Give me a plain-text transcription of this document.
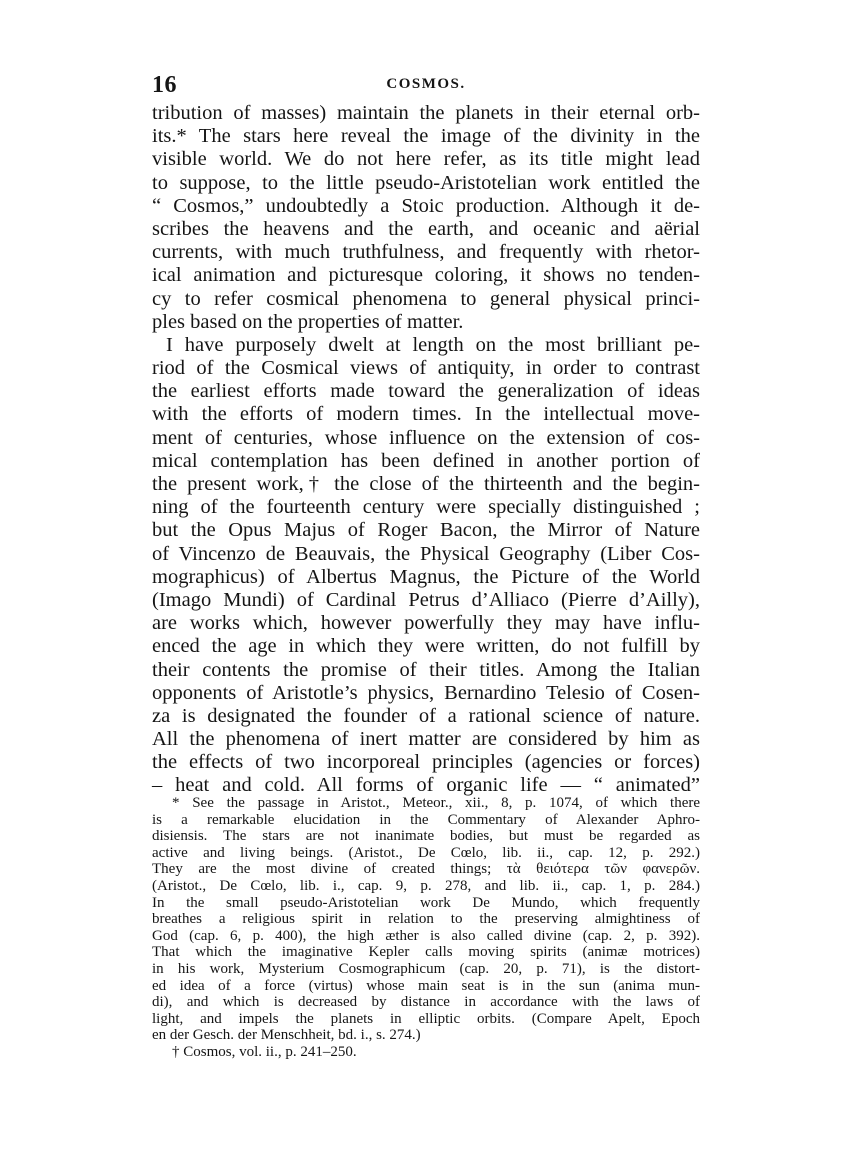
16	COSMOS.
tribution of masses) maintain the planets in their eternal orb-
its.* The stars here reveal the image of the divinity in the
visible world. We do not here refer, as its title might lead
to suppose, to the little pseudo-Aristotelian work entitled the
“ Cosmos,” undoubtedly a Stoic production. Although it de-
scribes the heavens and the earth, and oceanic and aërial
currents, with much truthfulness, and frequently with rhetor-
ical animation and picturesque coloring, it shows no tenden-
cy to refer cosmical phenomena to general physical princi-
ples based on the properties of matter.
I have purposely dwelt at length on the most brilliant pe-
riod of the Cosmical views of antiquity, in order to contrast
the earliest efforts made toward the generalization of ideas
with the efforts of modern times. In the intellectual move-
ment of centuries, whose influence on the extension of cos-
mical contemplation has been defined in another portion of
the present work,† the close of the thirteenth and the begin-
ning of the fourteenth century were specially distinguished ;
but the Opus Majus of Roger Bacon, the Mirror of Nature
of Vincenzo de Beauvais, the Physical Geography (Liber Cos-
mographicus) of Albertus Magnus, the Picture of the World
(Imago Mundi) of Cardinal Petrus d’Alliaco (Pierre d’Ailly),
are works which, however powerfully they may have influ-
enced the age in which they were written, do not fulfill by
their contents the promise of their titles. Among the Italian
opponents of Aristotle’s physics, Bernardino Telesio of Cosen-
za is designated the founder of a rational science of nature.
All the phenomena of inert matter are considered by him as
the effects of two incorporeal principles (agencies or forces)
– heat and cold. All forms of organic life — “ animated”
* See the passage in Aristot., Meteor., xii., 8, p. 1074, of which there
is a remarkable elucidation in the Commentary of Alexander Aphro-
disiensis. The stars are not inanimate bodies, but must be regarded as
active and living beings. (Aristot., De Cœlo, lib. ii., cap. 12, p. 292.)
They are the most divine of created things; τὰ θειότερα τῶν φανερῶν.
(Aristot., De Cœlo, lib. i., cap. 9, p. 278, and lib. ii., cap. 1, p. 284.)
In the small pseudo-Aristotelian work De Mundo, which frequently
breathes a religious spirit in relation to the preserving almightiness of
God (cap. 6, p. 400), the high æther is also called divine (cap. 2, p. 392).
That which the imaginative Kepler calls moving spirits (animæ motrices)
in his work, Mysterium Cosmographicum (cap. 20, p. 71), is the distort-
ed idea of a force (virtus) whose main seat is in the sun (anima mun-
di), and which is decreased by distance in accordance with the laws of
light, and impels the planets in elliptic orbits. (Compare Apelt, Epoch
en der Gesch. der Menschheit, bd. i., s. 274.)
† Cosmos, vol. ii., p. 241–250.
